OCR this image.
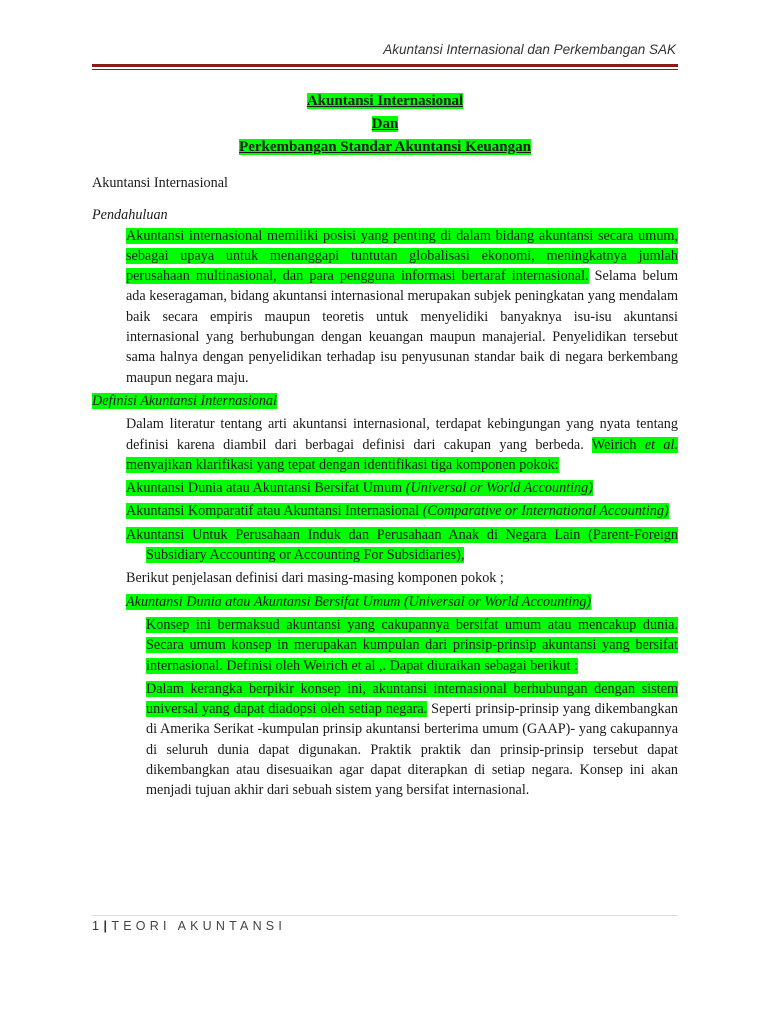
Akuntansi Internasional dan Perkembangan SAK
Akuntansi Internasional
Dan
Perkembangan Standar Akuntansi Keuangan
Akuntansi Internasional
Pendahuluan

Akuntansi internasional memiliki posisi yang penting di dalam bidang akuntansi secara umum, sebagai upaya untuk menanggapi tuntutan globalisasi ekonomi, meningkatnya jumlah perusahaan multinasional, dan para pengguna informasi bertaraf internasional. Selama belum ada keseragaman, bidang akuntansi internasional merupakan subjek peningkatan yang mendalam baik secara empiris maupun teoretis untuk menyelidiki banyaknya isu-isu akuntansi internasional yang berhubungan dengan keuangan maupun manajerial. Penyelidikan tersebut sama halnya dengan penyelidikan terhadap isu penyusunan standar baik di negara berkembang maupun negara maju.

Definisi Akuntansi Internasional

Dalam literatur tentang arti akuntansi internasional, terdapat kebingungan yang nyata tentang definisi karena diambil dari berbagai definisi dari cakupan yang berbeda. Weirich et al. menyajikan klarifikasi yang tepat dengan identifikasi tiga komponen pokok:

Akuntansi Dunia atau Akuntansi Bersifat Umum (Universal or World Accounting)

Akuntansi Komparatif atau Akuntansi Internasional (Comparative or International Accounting)

Akuntansi Untuk Perusahaan Induk dan Perusahaan Anak di Negara Lain (Parent-Foreign Subsidiary Accounting or Accounting For Subsidiaries),

Berikut penjelasan definisi dari masing-masing komponen pokok ;

Akuntansi Dunia atau Akuntansi Bersifat Umum (Universal or World Accounting)

Konsep ini bermaksud akuntansi yang cakupannya bersifat umum atau mencakup dunia. Secara umum konsep in merupakan kumpulan dari prinsip-prinsip akuntansi yang bersifat internasional. Definisi oleh Weirich et al ,. Dapat diuraikan sebagai berikut :

Dalam kerangka berpikir konsep ini, akuntansi internasional berhubungan dengan sistem universal yang dapat diadopsi oleh setiap negara. Seperti prinsip-prinsip yang dikembangkan di Amerika Serikat -kumpulan prinsip akuntansi berterima umum (GAAP)- yang cakupannya di seluruh dunia dapat digunakan. Praktik praktik dan prinsip-prinsip tersebut dapat dikembangkan atau disesuaikan agar dapat diterapkan di setiap negara. Konsep ini akan menjadi tujuan akhir dari sebuah sistem yang bersifat internasional.

1 | TEORI AKUNTANSI
